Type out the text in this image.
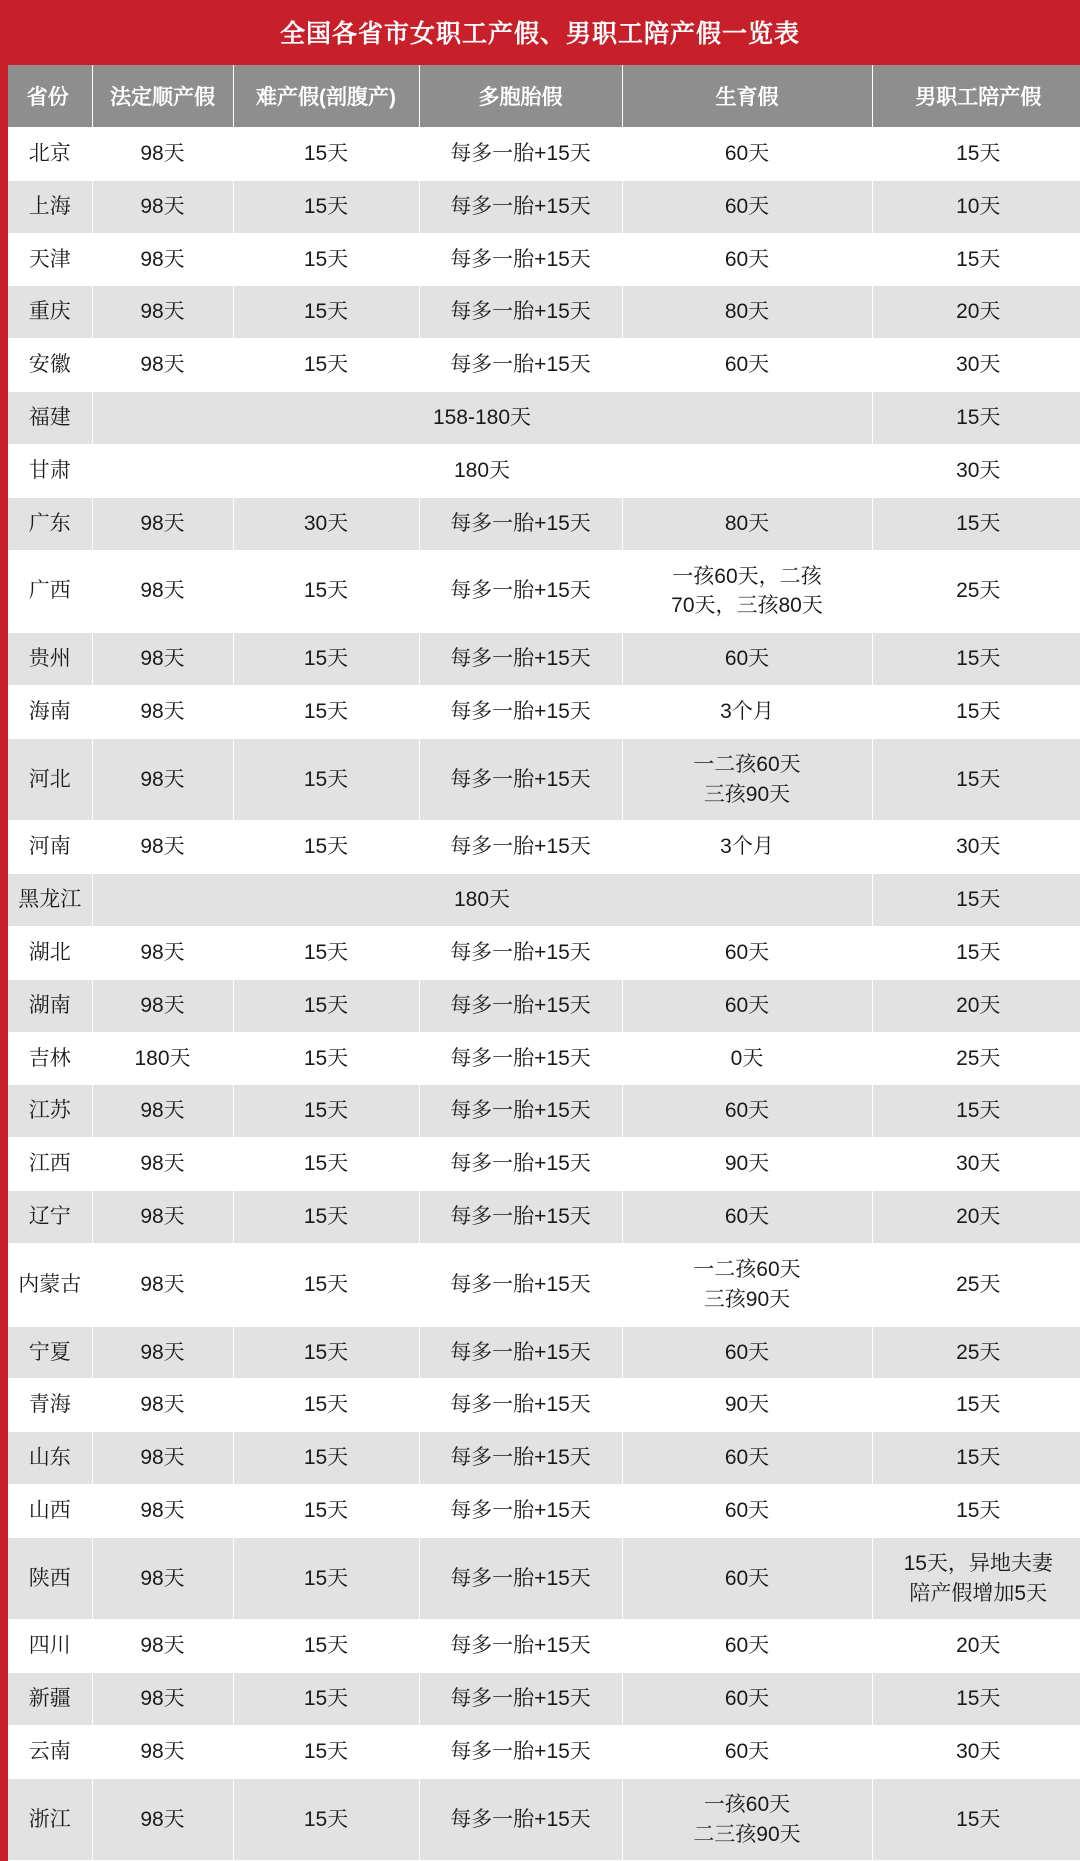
全国各省市女职工产假、男职工陪产假一览表
省份	法定顺产假	难产假(剖腹产)	多胞胎假	生育假	男职工陪产假
北京	98天	15天	每多一胎+15天	60天	15天

上海	98天	15天	每多一胎+15天	60天	10天

天津	98天	15天	每多一胎+15天	60天	15天

重庆	98天	15天	每多一胎+15天	80天	20天

安徽	98天	15天	每多一胎+15天	60天	30天

福建	158-180天				15天

甘肃	180天				30天

广东	98天	30天	每多一胎+15天	80天	15天

广西	98天	15天	每多一胎+15天	一孩60天，二孩
70天，三孩80天	25天

贵州	98天	15天	每多一胎+15天	60天	15天

海南	98天	15天	每多一胎+15天	3个月	15天

河北	98天	15天	每多一胎+15天	一二孩60天
三孩90天	15天

河南	98天	15天	每多一胎+15天	3个月	30天

黑龙江	180天				15天

湖北	98天	15天	每多一胎+15天	60天	15天

湖南	98天	15天	每多一胎+15天	60天	20天

吉林	180天	15天	每多一胎+15天	0天	25天

江苏	98天	15天	每多一胎+15天	60天	15天

江西	98天	15天	每多一胎+15天	90天	30天

辽宁	98天	15天	每多一胎+15天	60天	20天

内蒙古	98天	15天	每多一胎+15天	一二孩60天
三孩90天	25天

宁夏	98天	15天	每多一胎+15天	60天	25天

青海	98天	15天	每多一胎+15天	90天	15天

山东	98天	15天	每多一胎+15天	60天	15天

山西	98天	15天	每多一胎+15天	60天	15天

陕西	98天	15天	每多一胎+15天	60天	15天，异地夫妻
陪产假增加5天

四川	98天	15天	每多一胎+15天	60天	20天

新疆	98天	15天	每多一胎+15天	60天	15天

云南	98天	15天	每多一胎+15天	60天	30天

浙江	98天	15天	每多一胎+15天	一孩60天
二三孩90天	15天
